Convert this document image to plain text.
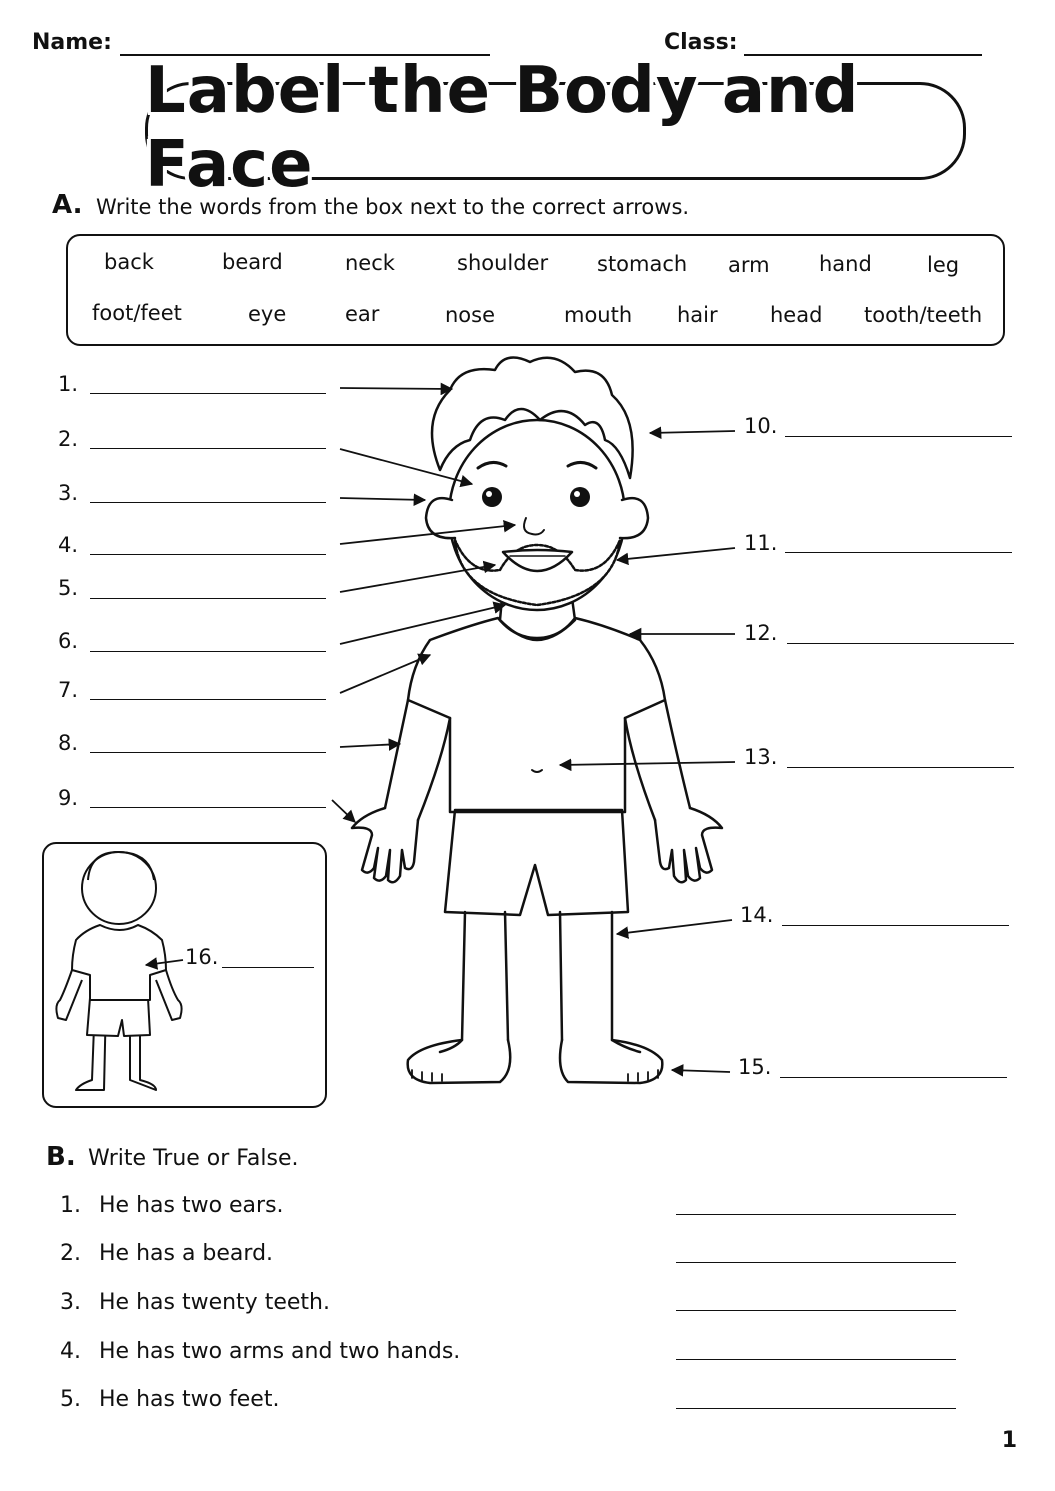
Name:	Class:
Label the Body and Face
A. Write the words from the box next to the correct arrows.
back	beard	neck	shoulder stomach arm hand	leg
foot/feet	eye	ear	nose	mouth hair head tooth/teeth
1.
2.
3.
4.
5.
6.
7.
8.
9.
10.
11.
12.
13.
14.
15.
16.
B. Write True or False.
1. He has two ears.
2. He has a beard.
3. He has twenty teeth.
4. He has two arms and two hands.
5. He has two feet.
1
